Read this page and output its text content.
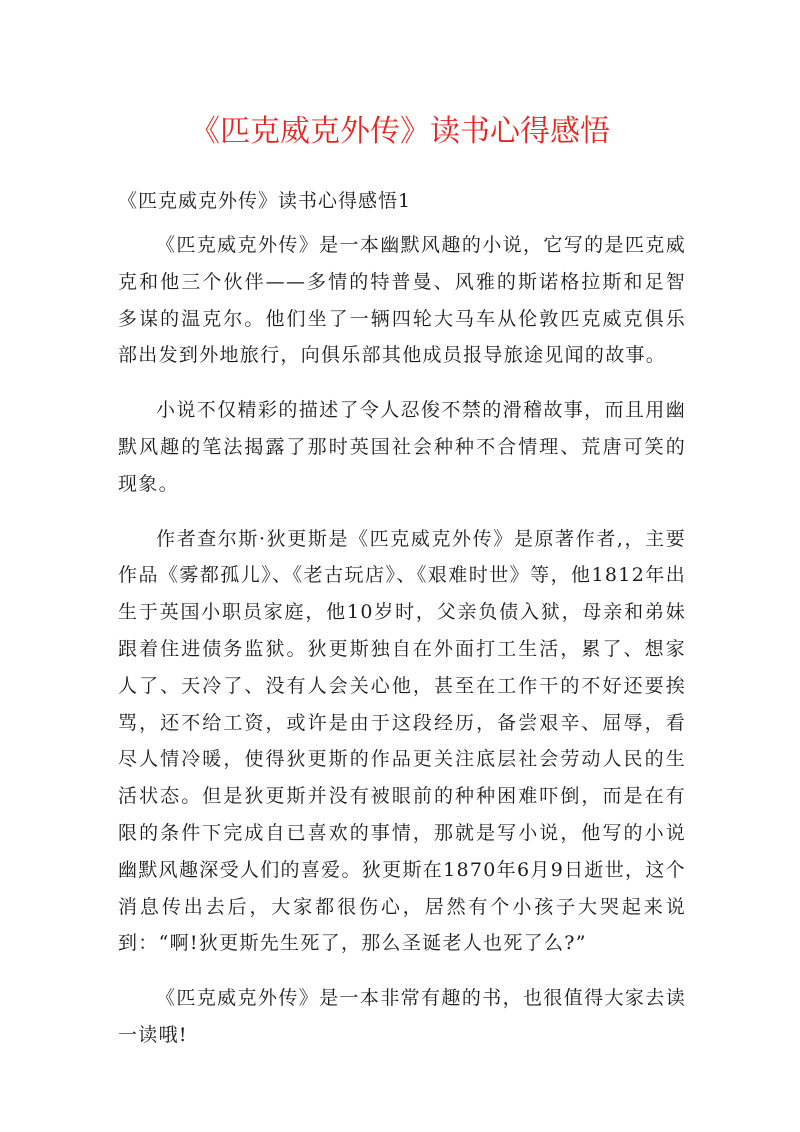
《匹克威克外传》读书心得感悟

《匹克威克外传》读书心得感悟1

《匹克威克外传》是一本幽默风趣的小说，它写的是匹克威克和他三个伙伴——多情的特普曼、风雅的斯诺格拉斯和足智多谋的温克尔。他们坐了一辆四轮大马车从伦敦匹克威克俱乐部出发到外地旅行，向俱乐部其他成员报导旅途见闻的故事。

小说不仅精彩的描述了令人忍俊不禁的滑稽故事，而且用幽默风趣的笔法揭露了那时英国社会种种不合情理、荒唐可笑的现象。

作者查尔斯·狄更斯是《匹克威克外传》是原著作者,，主要作品《雾都孤儿》、《老古玩店》、《艰难时世》等，他1812年出生于英国小职员家庭，他10岁时，父亲负债入狱，母亲和弟妹跟着住进债务监狱。狄更斯独自在外面打工生活，累了、想家人了、天冷了、没有人会关心他，甚至在工作干的不好还要挨骂，还不给工资，或许是由于这段经历，备尝艰辛、屈辱，看尽人情冷暖，使得狄更斯的作品更关注底层社会劳动人民的生活状态。但是狄更斯并没有被眼前的种种困难吓倒，而是在有限的条件下完成自已喜欢的事情，那就是写小说，他写的小说幽默风趣深受人们的喜爱。狄更斯在1870年6月9日逝世，这个消息传出去后，大家都很伤心，居然有个小孩子大哭起来说到：“啊!狄更斯先生死了，那么圣诞老人也死了么?”

《匹克威克外传》是一本非常有趣的书，也很值得大家去读一读哦!
